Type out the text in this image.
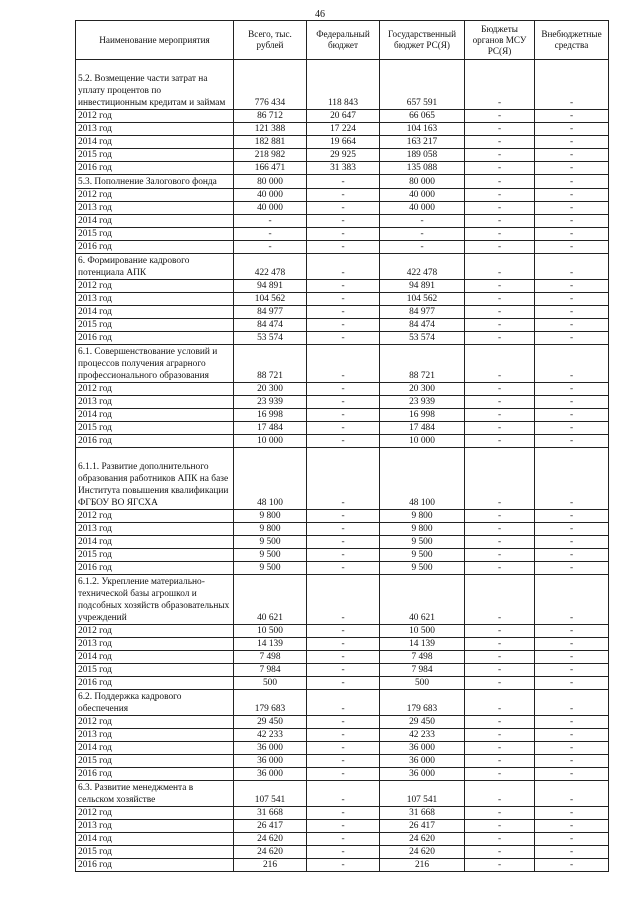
46
Наименование мероприятия	Всего, тыс. рублей	Федеральный бюджет	Государственный бюджет РС(Я)	Бюджеты органов МСУ РС(Я)	Внебюджетные средства
5.2. Возмещение части затрат на уплату процентов по инвестиционным кредитам и займам	776 434	118 843	657 591	-	-
2012 год	86 712	20 647	66 065	-	-
2013 год	121 388	17 224	104 163	-	-
2014 год	182 881	19 664	163 217	-	-
2015 год	218 982	29 925	189 058	-	-
2016 год	166 471	31 383	135 088	-	-
5.3. Пополнение Залогового фонда	80 000	-	80 000	-	-
2012 год	40 000	-	40 000	-	-
2013 год	40 000	-	40 000	-	-
2014 год	-	-	-	-	-
2015 год	-	-	-	-	-
2016 год	-	-	-	-	-
6. Формирование кадрового потенциала АПК	422 478	-	422 478	-	-
2012 год	94 891	-	94 891	-	-
2013 год	104 562	-	104 562	-	-
2014 год	84 977	-	84 977	-	-
2015 год	84 474	-	84 474	-	-
2016 год	53 574	-	53 574	-	-
6.1. Совершенствование условий и процессов получения аграрного профессионального образования	88 721	-	88 721	-	-
2012 год	20 300	-	20 300	-	-
2013 год	23 939	-	23 939	-	-
2014 год	16 998	-	16 998	-	-
2015 год	17 484	-	17 484	-	-
2016 год	10 000	-	10 000	-	-
6.1.1. Развитие дополнительного образования работников АПК на базе Института повышения квалификации ФГБОУ ВО ЯГСХА	48 100	-	48 100	-	-
2012 год	9 800	-	9 800	-	-
2013 год	9 800	-	9 800	-	-
2014 год	9 500	-	9 500	-	-
2015 год	9 500	-	9 500	-	-
2016 год	9 500	-	9 500	-	-
6.1.2. Укрепление материально-технической базы агрошкол и подсобных хозяйств образовательных учреждений	40 621	-	40 621	-	-
2012 год	10 500	-	10 500	-	-
2013 год	14 139	-	14 139	-	-
2014 год	7 498	-	7 498	-	-
2015 год	7 984	-	7 984	-	-
2016 год	500	-	500	-	-
6.2. Поддержка кадрового обеспечения	179 683	-	179 683	-	-
2012 год	29 450	-	29 450	-	-
2013 год	42 233	-	42 233	-	-
2014 год	36 000	-	36 000	-	-
2015 год	36 000	-	36 000	-	-
2016 год	36 000	-	36 000	-	-
6.3. Развитие менеджмента в сельском хозяйстве	107 541	-	107 541	-	-
2012 год	31 668	-	31 668	-	-
2013 год	26 417	-	26 417	-	-
2014 год	24 620	-	24 620	-	-
2015 год	24 620	-	24 620	-	-
2016 год	216	-	216	-	-
